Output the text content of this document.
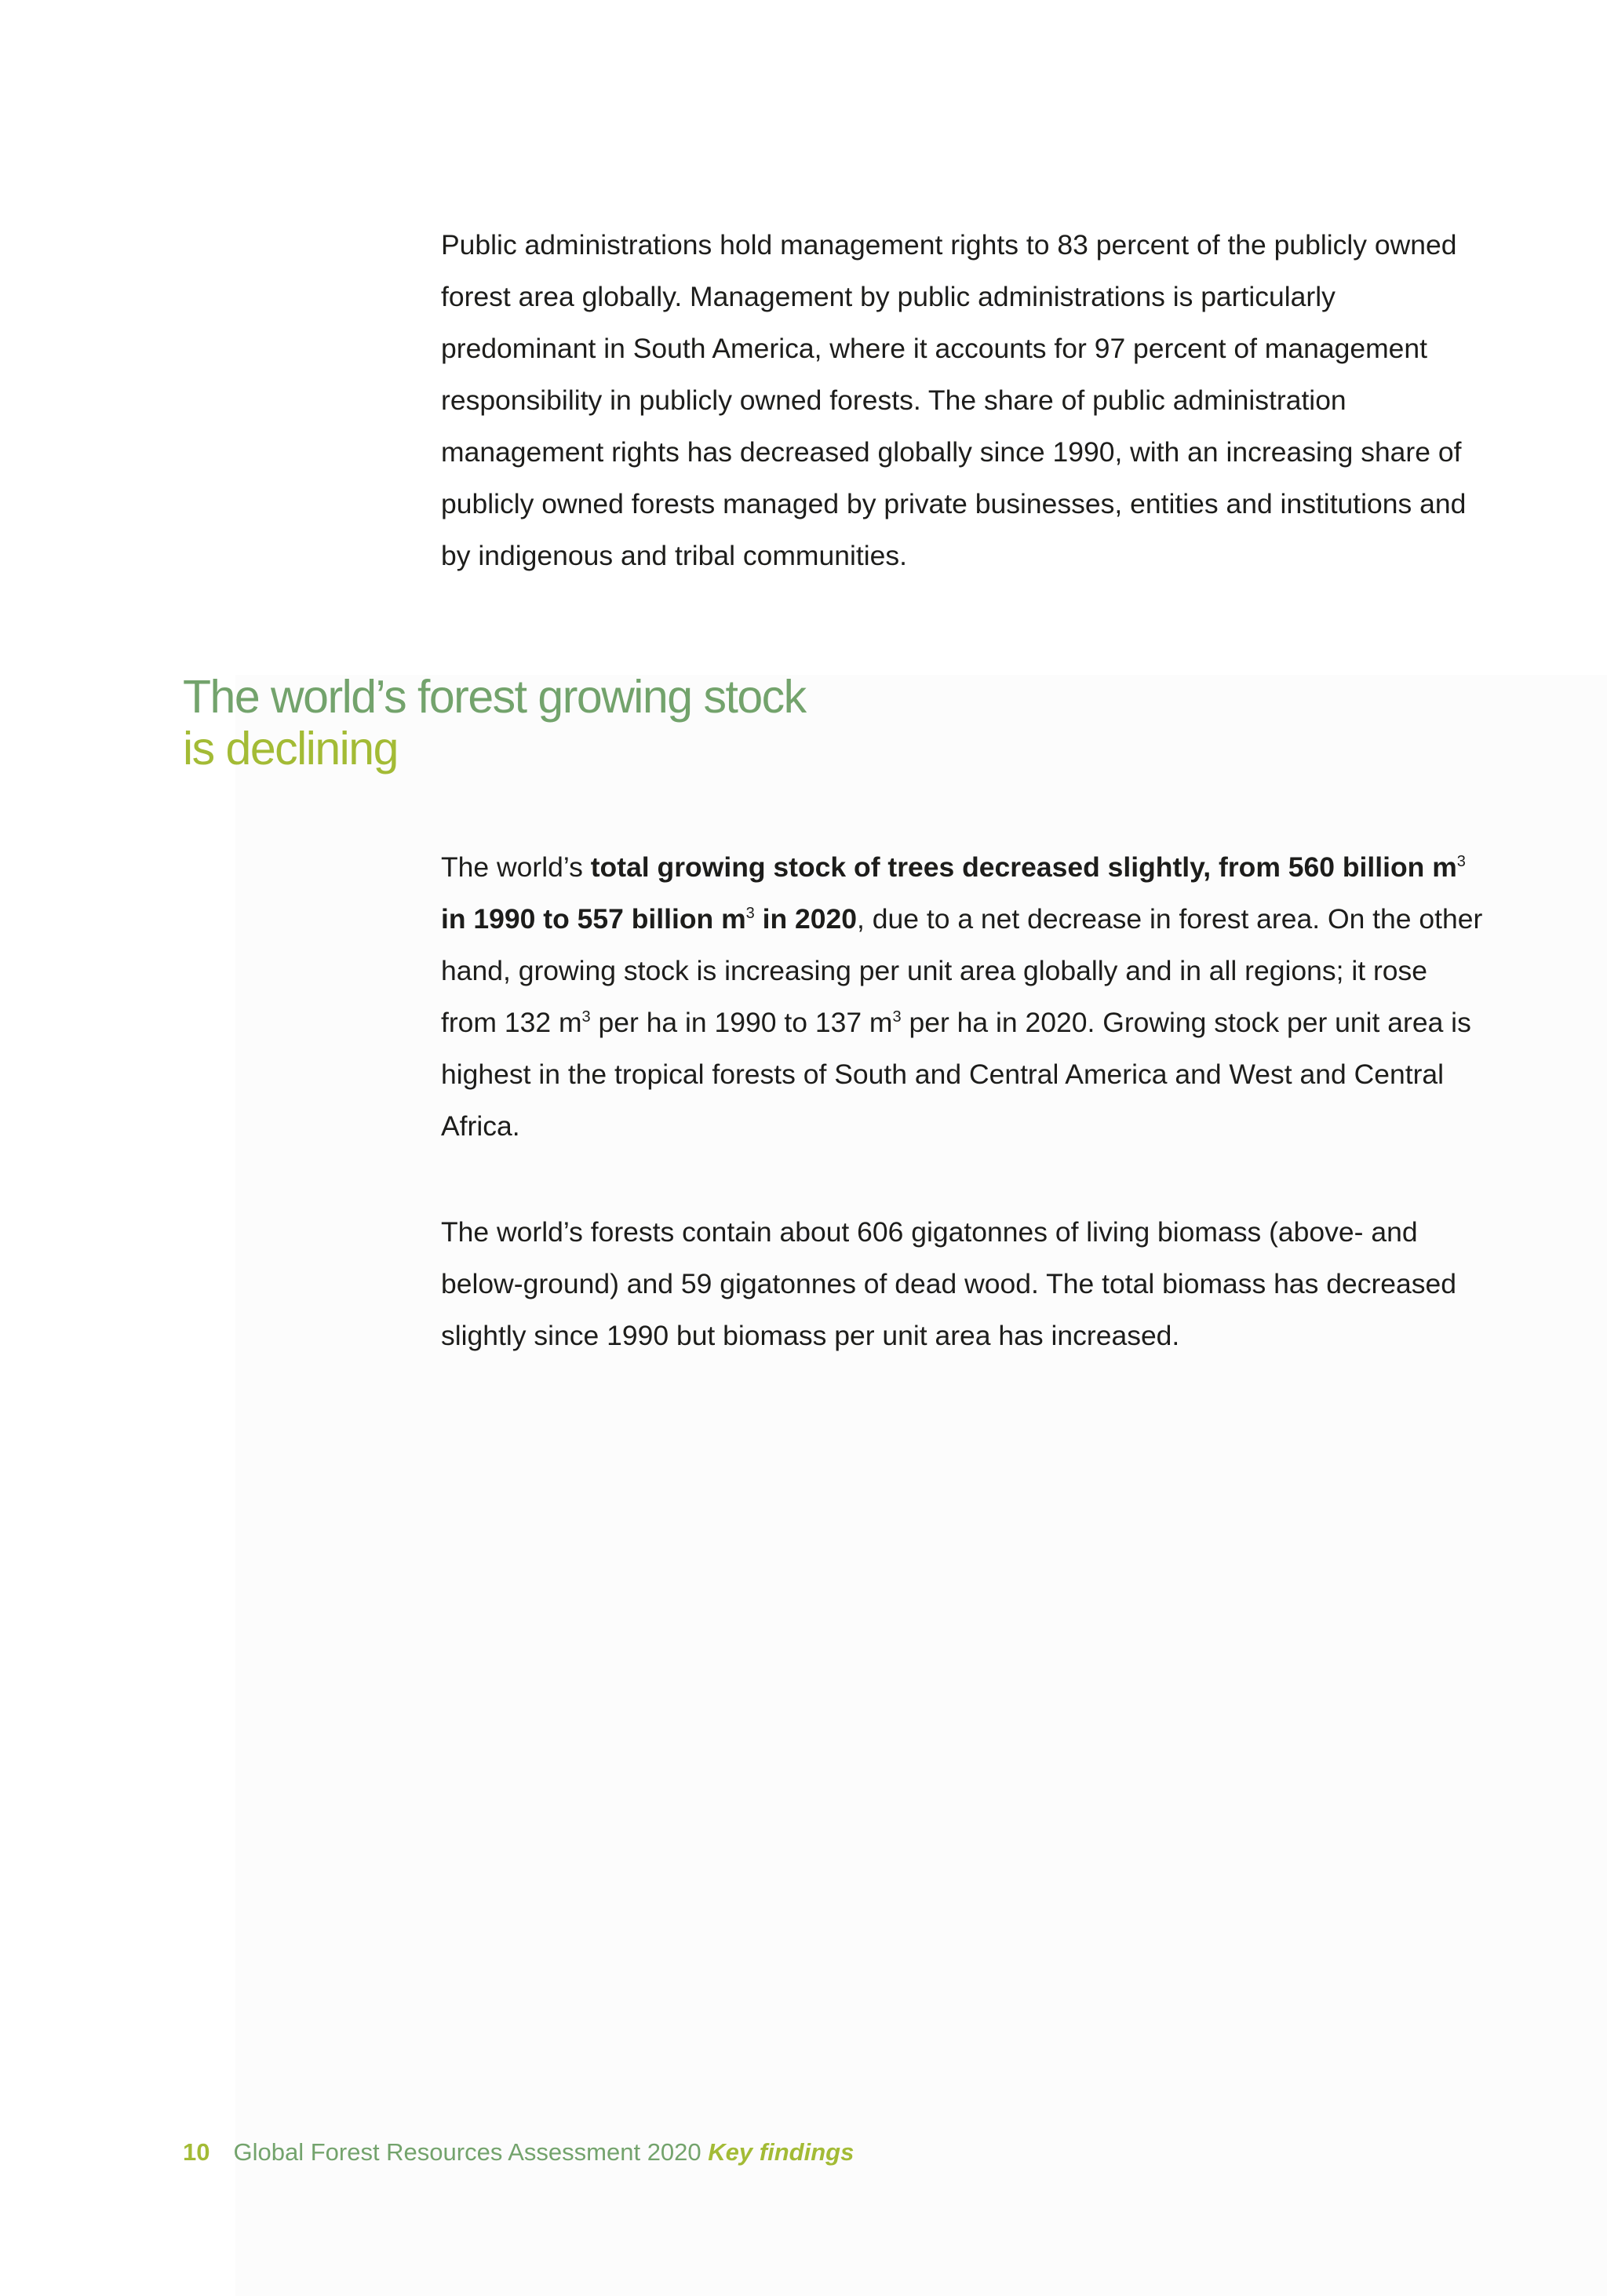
Public administrations hold management rights to 83 percent of the publicly owned forest area globally. Management by public administrations is particularly predominant in South America, where it accounts for 97 percent of management responsibility in publicly owned forests. The share of public administration management rights has decreased globally since 1990, with an increasing share of publicly owned forests managed by private businesses, entities and institutions and by indigenous and tribal communities.

The world’s forest growing stock
is declining

The world’s total growing stock of trees decreased slightly, from 560 billion $m^3$ in 1990 to 557 billion $m^3$ in 2020, due to a net decrease in forest area. On the other hand, growing stock is increasing per unit area globally and in all regions; it rose from 132 $m^3$ per ha in 1990 to 137 $m^3$ per ha in 2020. Growing stock per unit area is highest in the tropical forests of South and Central America and West and Central Africa.

The world’s forests contain about 606 gigatonnes of living biomass (above- and below-ground) and 59 gigatonnes of dead wood. The total biomass has decreased slightly since 1990 but biomass per unit area has increased.

10 Global Forest Resources Assessment 2020 Key findings
